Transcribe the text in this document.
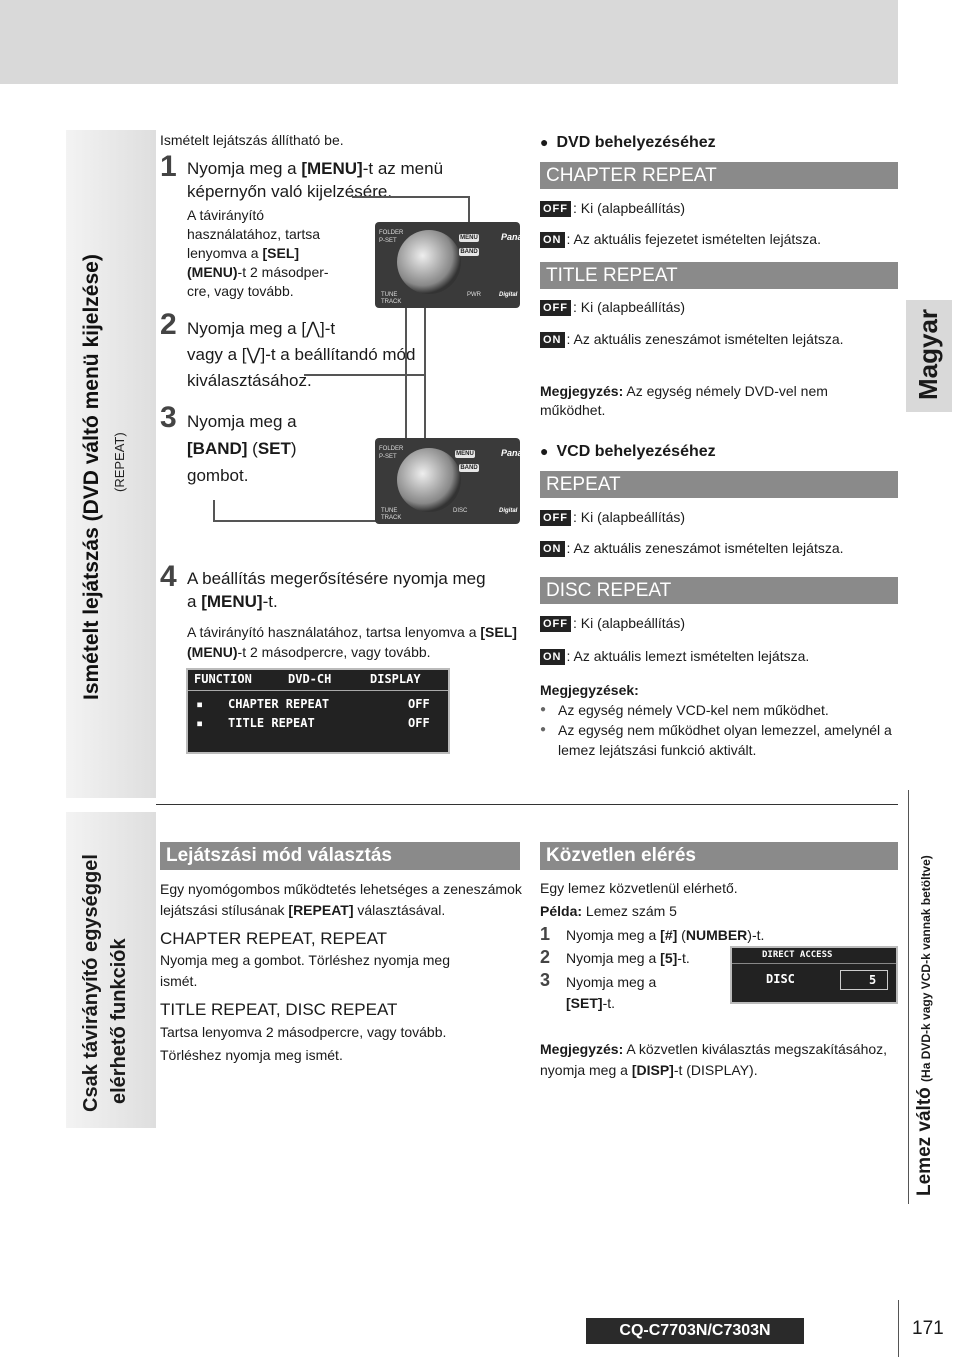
Ismételt lejátszás (DVD váltó menü kijelzése) (REPEAT)
Csak távirányító egységgel elérhető funkciók
Magyar
Lemez váltó (Ha DVD-k vagy VCD-k vannak betöltve)
Ismételt lejátszás állítható be.
1 Nyomja meg a [MENU]-t az menü
képernyőn való kijelzésére.
A távirányító
használatához, tartsa
lenyomva a [SEL]
(MENU)-t 2 másodper-
cre, vagy tovább.
2 Nyomja meg a [⋀]-t
vagy a [⋁]-t a beállítandó mód
kiválasztásához.
3 Nyomja meg a
[BAND] (SET)
gombot.
4 A beállítás megerősítésére nyomja meg
a [MENU]-t.
A távirányító használatához, tartsa lenyomva a [SEL]
(MENU)-t 2 másodpercre, vagy tovább.
FOLDER
P-SET
TUNE
TRACK
MENU
BAND
PWR
Pana
Digital
FOLDER
P-SET
TUNE
TRACK
MENU
BAND
DISC
Pana
Digital
FUNCTION	DVD-CH	DISPLAY
▪ CHAPTER REPEAT	OFF
▪ TITLE REPEAT	OFF
● DVD behelyezéséhez
CHAPTER REPEAT
OFF : Ki (alapbeállítás)
ON : Az aktuális fejezetet ismételten lejátsza.
TITLE REPEAT
OFF : Ki (alapbeállítás)
ON : Az aktuális zeneszámot ismételten lejátsza.
Megjegyzés: Az egység némely DVD-vel nem
működhet.
● VCD behelyezéséhez
REPEAT
OFF : Ki (alapbeállítás)
ON : Az aktuális zeneszámot ismételten lejátsza.
DISC REPEAT
OFF : Ki (alapbeállítás)
ON : Az aktuális lemezt ismételten lejátsza.
Megjegyzések:
● Az egység némely VCD-kel nem működhet.
● Az egység nem működhet olyan lemezzel, amelynél a
lemez lejátszási funkció aktivált.
Lejátszási mód választás
Egy nyomógombos működtetés lehetséges a zeneszámok
lejátszási stílusának [REPEAT] választásával.
CHAPTER REPEAT, REPEAT
Nyomja meg a gombot. Törléshez nyomja meg
ismét.
TITLE REPEAT, DISC REPEAT
Tartsa lenyomva 2 másodpercre, vagy tovább.
Törléshez nyomja meg ismét.
Közvetlen elérés
Egy lemez közvetlenül elérhető.
Példa: Lemez szám 5
1 Nyomja meg a [#] (NUMBER)-t.
2 Nyomja meg a [5]-t.
3 Nyomja meg a
[SET]-t.
DIRECT ACCESS
DISC	5
Megjegyzés: A közvetlen kiválasztás megszakításához,
nyomja meg a [DISP]-t (DISPLAY).
CQ-C7703N/C7303N	171
